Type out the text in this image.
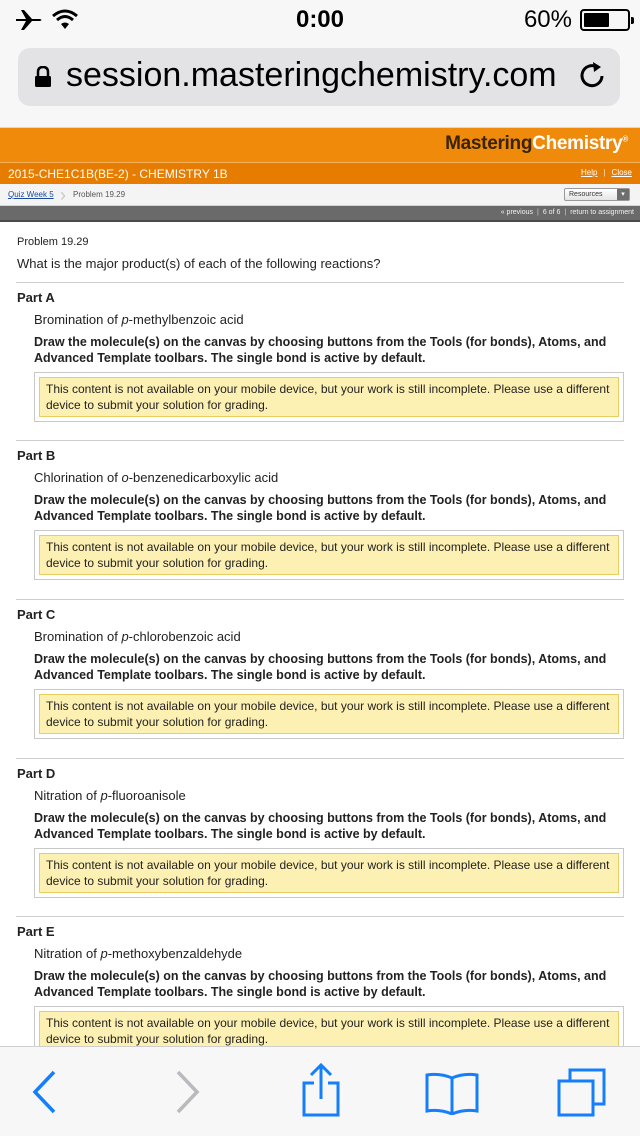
0:00	60%
session.masteringchemistry.com
MasteringChemistry®
2015-CHE1C1B(BE-2) - CHEMISTRY 1B	Help | Close
Quiz Week 5 › Problem 19.29	Resources	▾
« previous | 6 of 6 | return to assignment
Problem 19.29
What is the major product(s) of each of the following reactions?
Part A
Bromination of p-methylbenzoic acid
Draw the molecule(s) on the canvas by choosing buttons from the Tools (for bonds), Atoms, and Advanced Template toolbars. The single bond is active by default.
This content is not available on your mobile device, but your work is still incomplete. Please use a different device to submit your solution for grading.
Part B
Chlorination of o-benzenedicarboxylic acid
Draw the molecule(s) on the canvas by choosing buttons from the Tools (for bonds), Atoms, and Advanced Template toolbars. The single bond is active by default.
This content is not available on your mobile device, but your work is still incomplete. Please use a different device to submit your solution for grading.
Part C
Bromination of p-chlorobenzoic acid
Draw the molecule(s) on the canvas by choosing buttons from the Tools (for bonds), Atoms, and Advanced Template toolbars. The single bond is active by default.
This content is not available on your mobile device, but your work is still incomplete. Please use a different device to submit your solution for grading.
Part D
Nitration of p-fluoroanisole
Draw the molecule(s) on the canvas by choosing buttons from the Tools (for bonds), Atoms, and Advanced Template toolbars. The single bond is active by default.
This content is not available on your mobile device, but your work is still incomplete. Please use a different device to submit your solution for grading.
Part E
Nitration of p-methoxybenzaldehyde
Draw the molecule(s) on the canvas by choosing buttons from the Tools (for bonds), Atoms, and Advanced Template toolbars. The single bond is active by default.
This content is not available on your mobile device, but your work is still incomplete. Please use a different device to submit your solution for grading.
